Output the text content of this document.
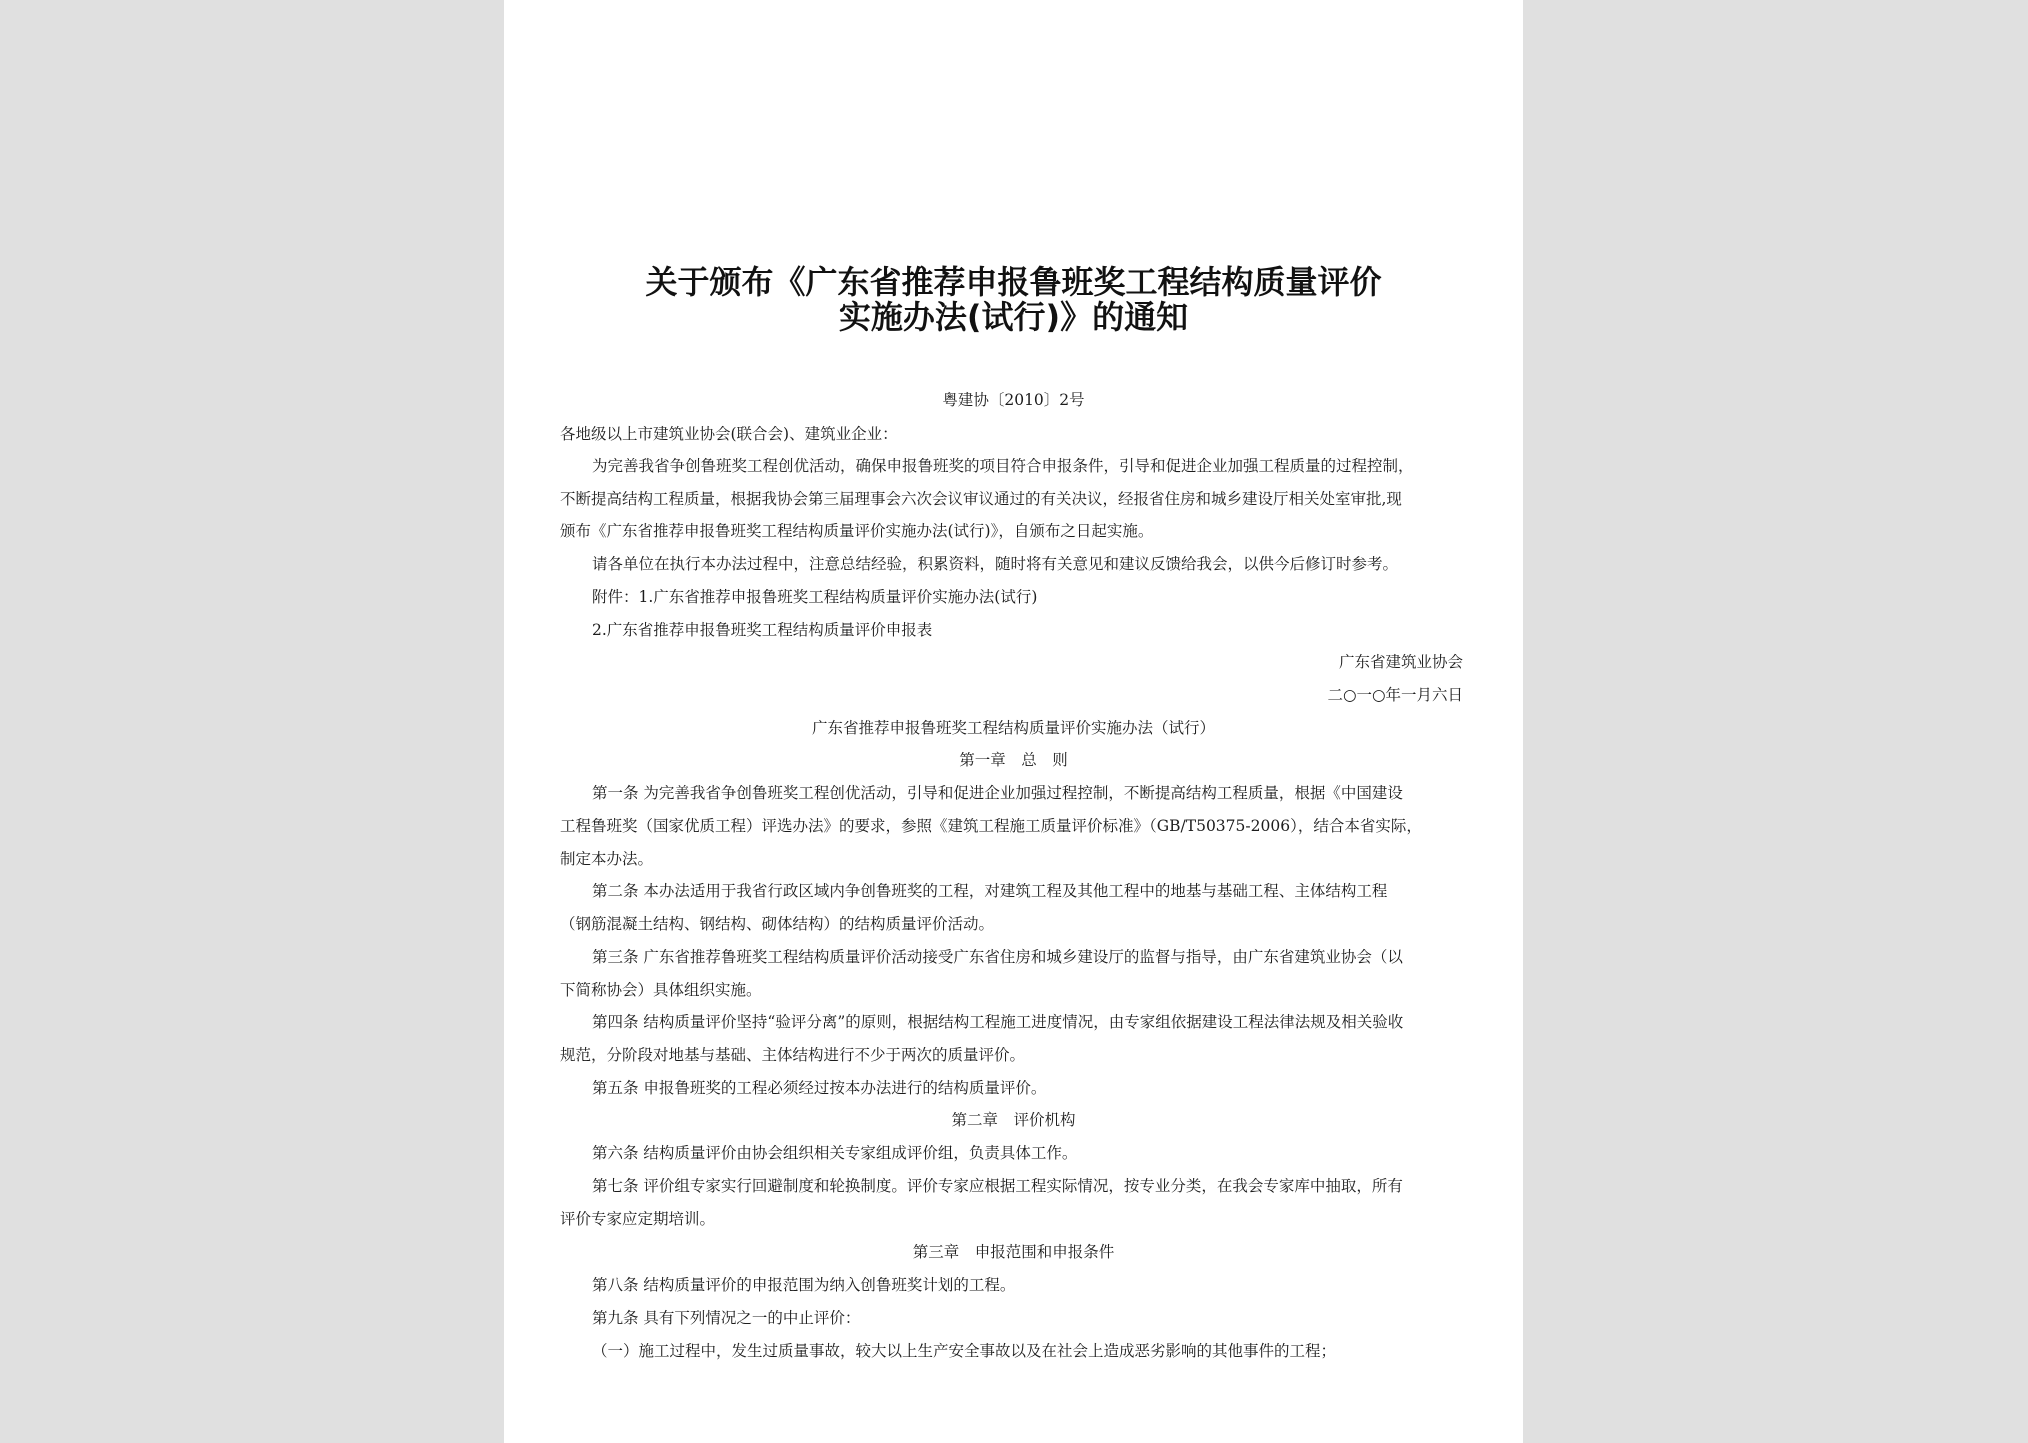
关于颁布《广东省推荐申报鲁班奖工程结构质量评价
实施办法(试行)》的通知
粤建协〔2010〕2号
各地级以上市建筑业协会(联合会)、建筑业企业：
为完善我省争创鲁班奖工程创优活动，确保申报鲁班奖的项目符合申报条件，引导和促进企业加强工程质量的过程控制，
不断提高结构工程质量，根据我协会第三届理事会六次会议审议通过的有关决议，经报省住房和城乡建设厅相关处室审批,现
颁布《广东省推荐申报鲁班奖工程结构质量评价实施办法(试行)》，自颁布之日起实施。
请各单位在执行本办法过程中，注意总结经验，积累资料，随时将有关意见和建议反馈给我会，以供今后修订时参考。
附件：1.广东省推荐申报鲁班奖工程结构质量评价实施办法(试行)
2.广东省推荐申报鲁班奖工程结构质量评价申报表
广东省建筑业协会
二○一○年一月六日
广东省推荐申报鲁班奖工程结构质量评价实施办法（试行）
第一章　总　则
第一条 为完善我省争创鲁班奖工程创优活动，引导和促进企业加强过程控制，不断提高结构工程质量，根据《中国建设
工程鲁班奖（国家优质工程）评选办法》的要求，参照《建筑工程施工质量评价标准》（GB/T50375-2006），结合本省实际，
制定本办法。
第二条 本办法适用于我省行政区域内争创鲁班奖的工程，对建筑工程及其他工程中的地基与基础工程、主体结构工程
（钢筋混凝土结构、钢结构、砌体结构）的结构质量评价活动。
第三条 广东省推荐鲁班奖工程结构质量评价活动接受广东省住房和城乡建设厅的监督与指导，由广东省建筑业协会（以
下简称协会）具体组织实施。
第四条 结构质量评价坚持“验评分离”的原则，根据结构工程施工进度情况，由专家组依据建设工程法律法规及相关验收
规范，分阶段对地基与基础、主体结构进行不少于两次的质量评价。
第五条 申报鲁班奖的工程必须经过按本办法进行的结构质量评价。
第二章　评价机构
第六条 结构质量评价由协会组织相关专家组成评价组，负责具体工作。
第七条 评价组专家实行回避制度和轮换制度。评价专家应根据工程实际情况，按专业分类，在我会专家库中抽取，所有
评价专家应定期培训。
第三章　申报范围和申报条件
第八条 结构质量评价的申报范围为纳入创鲁班奖计划的工程。
第九条 具有下列情况之一的中止评价：
（一）施工过程中，发生过质量事故，较大以上生产安全事故以及在社会上造成恶劣影响的其他事件的工程；
